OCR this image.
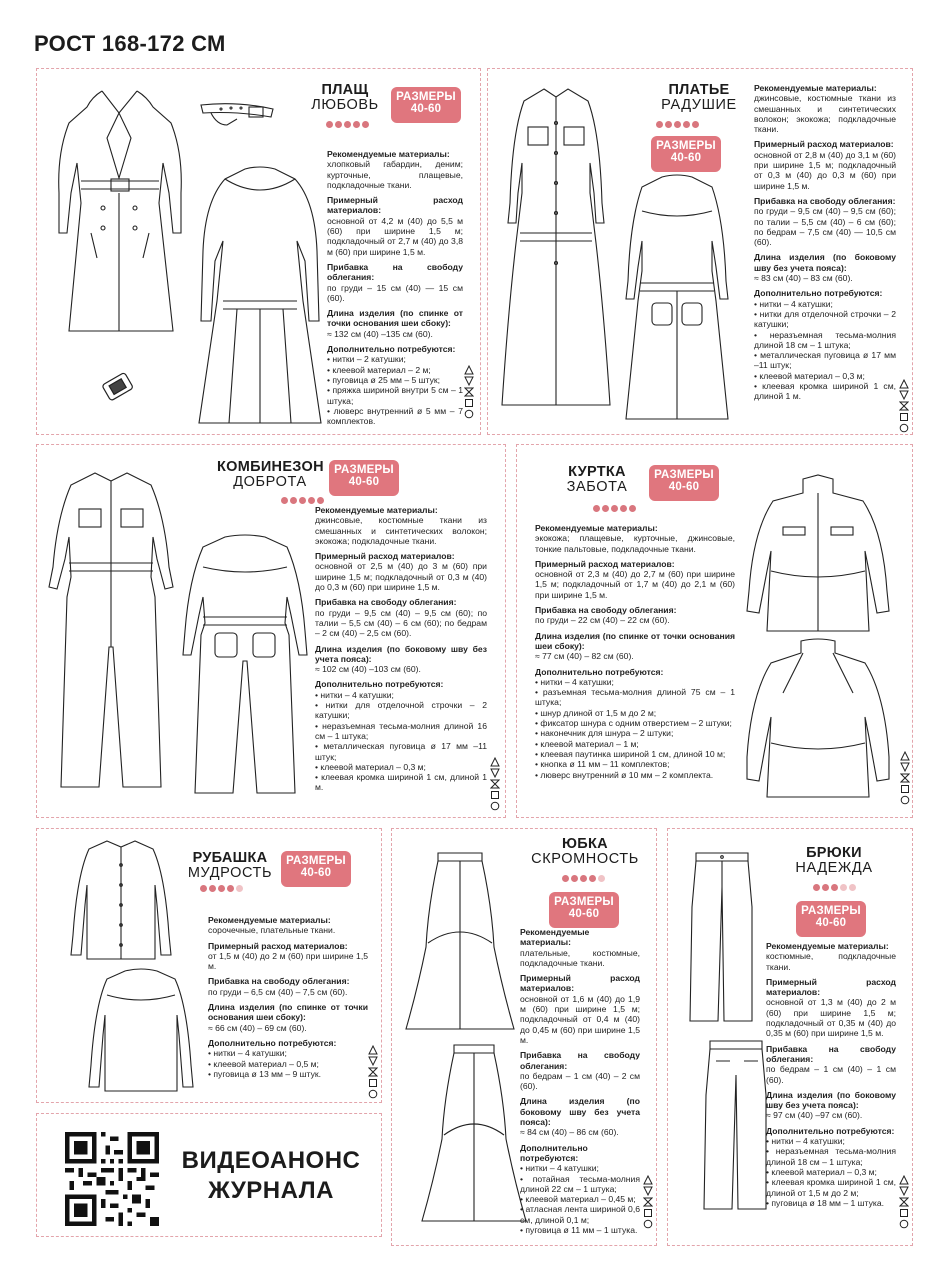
РОСТ 168-172 СМ
ПЛАЩ
ЛЮБОВЬ
РАЗМЕРЫ
40-60
Рекомендуемые материалы:
хлопковый габардин, деним; курточные, плащевые, подкладочные ткани.
Примерный расход материалов:
основной от 4,2 м (40) до 5,5 м (60) при ширине 1,5 м; подкладочный от 2,7 м (40) до 3,8 м (60) при ширине 1,5 м.
Прибавка на свободу облегания:
по груди – 15 см (40) — 15 см (60).
Длина изделия (по спинке от точки основания шеи сбоку):
≈ 132 см (40) –135 см (60).
Дополнительно потребуются:
• нитки – 2 катушки;
• клеевой материал – 2 м;
• пуговица ø 25 мм – 5 штук;
• пряжка шириной внутри 5 см – 1 штука;
• люверс внутренний ø 5 мм – 7 комплектов.
ПЛАТЬЕ
РАДУШИЕ
РАЗМЕРЫ
40-60
Рекомендуемые материалы:
джинсовые, костюмные ткани из смешанных и синтетических волокон; экокожа; подкладочные ткани.
Примерный расход материалов:
основной от 2,8 м (40) до 3,1 м (60) при ширине 1,5 м; подкладочный от 0,3 м (40) до 0,3 м (60) при ширине 1,5 м.
Прибавка на свободу облегания:
по груди – 9,5 см (40) – 9,5 см (60); по талии – 5,5 см (40) – 6 см (60); по бедрам – 7,5 см (40) — 10,5 см (60).
Длина изделия (по боковому шву без учета пояса):
≈ 83 см (40) – 83 см (60).
Дополнительно потребуются:
• нитки – 4 катушки;
• нитки для отделочной строчки – 2 катушки;
• неразъемная тесьма-молния длиной 18 см – 1 штука;
• металлическая пуговица ø 17 мм –11 штук;
• клеевой материал – 0,3 м;
• клеевая кромка шириной 1 см, длиной 1 м.
КОМБИНЕЗОН
ДОБРОТА
РАЗМЕРЫ
40-60
Рекомендуемые материалы:
джинсовые, костюмные ткани из смешанных и синтетических волокон; экокожа; подкладочные ткани.
Примерный расход материалов:
основной от 2,5 м (40) до 3 м (60) при ширине 1,5 м; подкладочный от 0,3 м (40) до 0,3 м (60) при ширине 1,5 м.
Прибавка на свободу облегания:
по груди – 9,5 см (40) – 9,5 см (60); по талии – 5,5 см (40) – 6 см (60); по бедрам – 2 см (40) – 2,5 см (60).
Длина изделия (по боковому шву без учета пояса):
≈ 102 см (40) –103 см (60).
Дополнительно потребуются:
• нитки – 4 катушки;
• нитки для отделочной строчки – 2 катушки;
• неразъемная тесьма-молния длиной 16 см – 1 штука;
• металлическая пуговица ø 17 мм –11 штук;
• клеевой материал – 0,3 м;
• клеевая кромка шириной 1 см, длиной 1 м.
КУРТКА
ЗАБОТА
РАЗМЕРЫ
40-60
Рекомендуемые материалы:
экокожа; плащевые, курточные, джинсовые, тонкие пальтовые, подкладочные ткани.
Примерный расход материалов:
основной от 2,3 м (40) до 2,7 м (60) при ширине 1,5 м; подкладочный от 1,7 м (40) до 2,1 м (60) при ширине 1,5 м.
Прибавка на свободу облегания:
по груди – 22 см (40) – 22 см (60).
Длина изделия (по спинке от точки основания шеи сбоку):
≈ 77 см (40) – 82 см (60).
Дополнительно потребуются:
• нитки – 4 катушки;
• разъемная тесьма-молния длиной 75 см – 1 штука;
• шнур длиной от 1,5 м до 2 м;
• фиксатор шнура с одним отверстием – 2 штуки;
• наконечник для шнура – 2 штуки;
• клеевой материал – 1 м;
• клеевая паутинка шириной 1 см, длиной 10 м;
• кнопка ø 11 мм – 11 комплектов;
• люверс внутренний ø 10 мм – 2 комплекта.
РУБАШКА
МУДРОСТЬ
РАЗМЕРЫ
40-60
Рекомендуемые материалы:
сорочечные, плательные ткани.
Примерный расход материалов:
от 1,5 м (40) до 2 м (60) при ширине 1,5 м.
Прибавка на свободу облегания:
по груди – 6,5 см (40) – 7,5 см (60).
Длина изделия (по спинке от точки основания шеи сбоку):
≈ 66 см (40) – 69 см (60).
Дополнительно потребуются:
• нитки – 4 катушки;
• клеевой материал – 0,5 м;
• пуговица ø 13 мм – 9 штук.
ВИДЕОАНОНС
ЖУРНАЛА
ЮБКА
СКРОМНОСТЬ
РАЗМЕРЫ
40-60
Рекомендуемые материалы:
плательные, костюмные, подкладочные ткани.
Примерный расход материалов:
основной от 1,6 м (40) до 1,9 м (60) при ширине 1,5 м; подкладочный от 0,4 м (40) до 0,45 м (60) при ширине 1,5 м.
Прибавка на свободу облегания:
по бедрам – 1 см (40) – 2 см (60).
Длина изделия (по боковому шву без учета пояса):
≈ 84 см (40) – 86 см (60).
Дополнительно потребуются:
• нитки – 4 катушки;
• потайная тесьма-молния длиной 22 см – 1 штука;
• клеевой материал – 0,45 м;
• атласная лента шириной 0,6 см, длиной 0,1 м;
• пуговица ø 11 мм – 1 штука.
БРЮКИ
НАДЕЖДА
РАЗМЕРЫ
40-60
Рекомендуемые материалы:
костюмные, подкладочные ткани.
Примерный расход материалов:
основной от 1,3 м (40) до 2 м (60) при ширине 1,5 м; подкладочный от 0,35 м (40) до 0,35 м (60) при ширине 1,5 м.
Прибавка на свободу облегания:
по бедрам – 1 см (40) – 1 см (60).
Длина изделия (по боковому шву без учета пояса):
≈ 97 см (40) –97 см (60).
Дополнительно потребуются:
• нитки – 4 катушки;
• неразъемная тесьма-молния длиной 18 см – 1 штука;
• клеевой материал – 0,3 м;
• клеевая кромка шириной 1 см, длиной от 1,5 м до 2 м;
• пуговица ø 18 мм – 1 штука.
